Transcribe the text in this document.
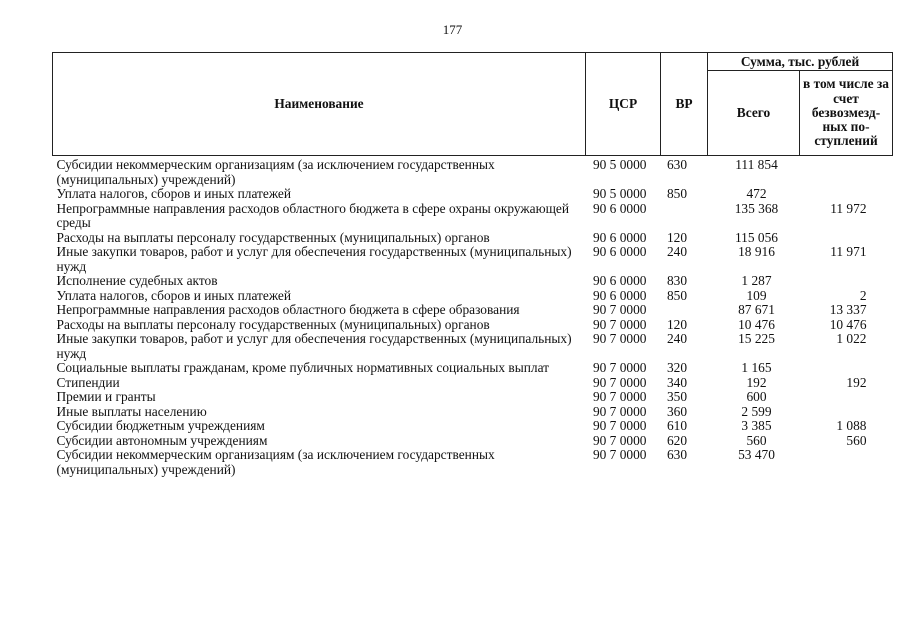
177
Наименование	ЦСР	ВР	Сумма, тыс. рублей	
			Всего	в том числе за счет безвозмезд-ных по-ступлений
Субсидии некоммерческим организациям (за исключением государственных (муниципальных) учреждений)	90 5 0000	630	111 854	
Уплата налогов, сборов и иных платежей	90 5 0000	850	472	
Непрограммные направления расходов областного бюджета в сфере охраны окружающей среды	90 6 0000		135 368	11 972
Расходы на выплаты персоналу государственных (муниципальных) органов	90 6 0000	120	115 056	
Иные закупки товаров, работ и услуг для обеспечения государственных (муниципальных) нужд	90 6 0000	240	18 916	11 971
Исполнение судебных актов	90 6 0000	830	1 287	
Уплата налогов, сборов и иных платежей	90 6 0000	850	109	2
Непрограммные направления расходов областного бюджета в сфере образования	90 7 0000		87 671	13 337
Расходы на выплаты персоналу государственных (муниципальных) органов	90 7 0000	120	10 476	10 476
Иные закупки товаров, работ и услуг для обеспечения государственных (муниципальных) нужд	90 7 0000	240	15 225	1 022
Социальные выплаты гражданам, кроме публичных нормативных социальных выплат	90 7 0000	320	1 165	
Стипендии	90 7 0000	340	192	192
Премии и гранты	90 7 0000	350	600	
Иные выплаты населению	90 7 0000	360	2 599	
Субсидии бюджетным учреждениям	90 7 0000	610	3 385	1 088
Субсидии автономным учреждениям	90 7 0000	620	560	560
Субсидии некоммерческим организациям (за исключением государственных (муниципальных) учреждений)	90 7 0000	630	53 470	
